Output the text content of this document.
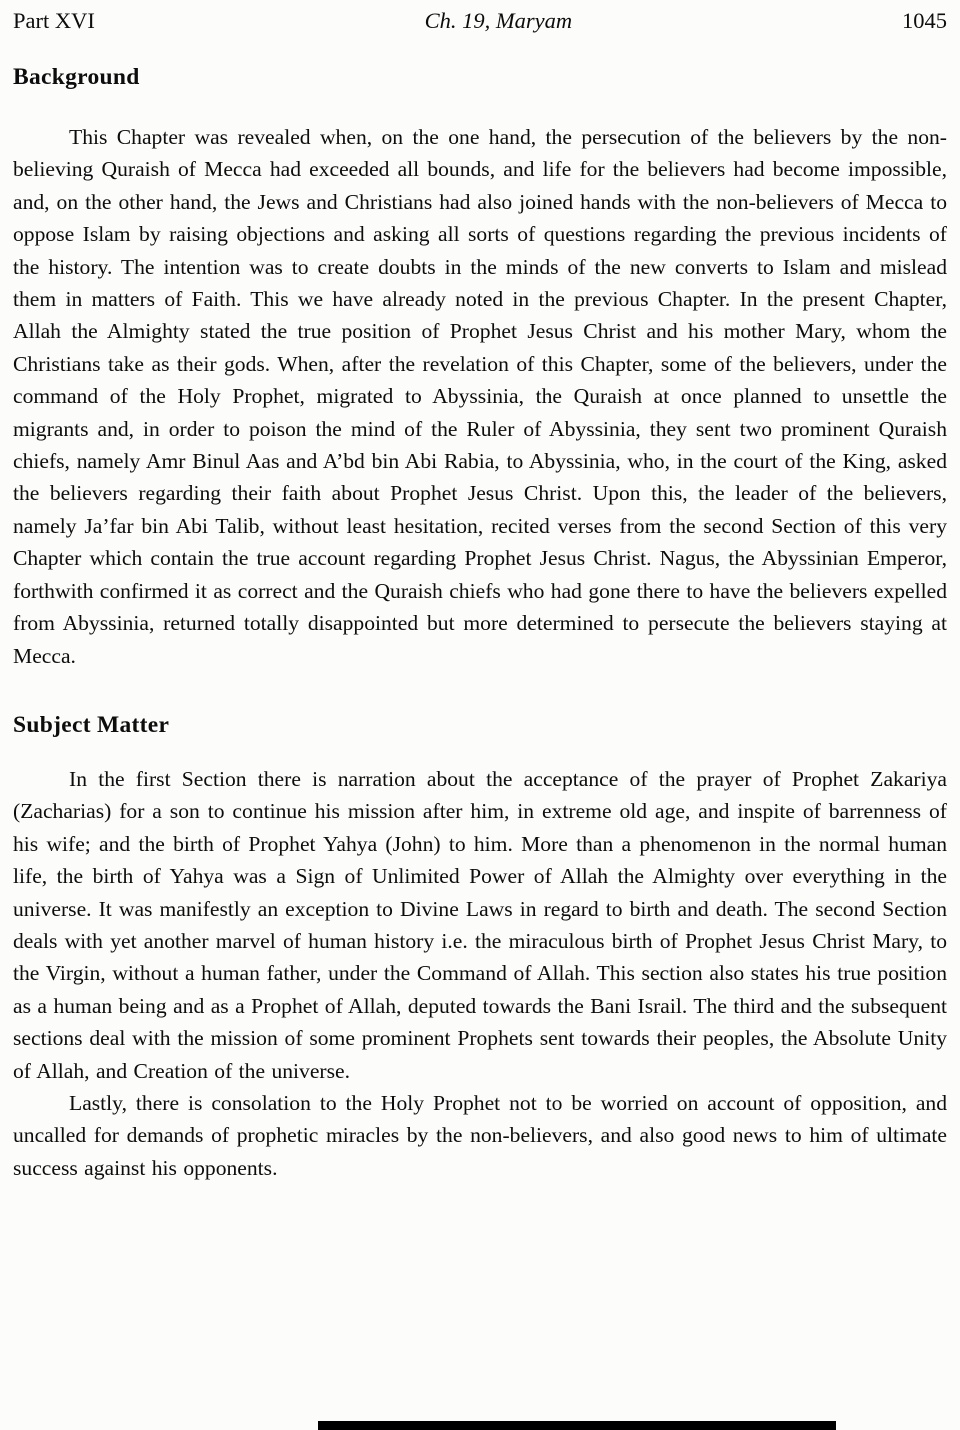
Part XVI	Ch. 19, Maryam	1045
Background

This Chapter was revealed when, on the one hand, the persecution of the believers by the non-believing Quraish of Mecca had exceeded all bounds, and life for the believers had become impossible, and, on the other hand, the Jews and Christians had also joined hands with the non-believers of Mecca to oppose Islam by raising objections and asking all sorts of questions regarding the previous incidents of the history. The intention was to create doubts in the minds of the new converts to Islam and mislead them in matters of Faith. This we have already noted in the previous Chapter. In the present Chapter, Allah the Almighty stated the true position of Prophet Jesus Christ and his mother Mary, whom the Christians take as their gods. When, after the revelation of this Chapter, some of the believers, under the command of the Holy Prophet, migrated to Abyssinia, the Quraish at once planned to unsettle the migrants and, in order to poison the mind of the Ruler of Abyssinia, they sent two prominent Quraish chiefs, namely Amr Binul Aas and A’bd bin Abi Rabia, to Abyssinia, who, in the court of the King, asked the believers regarding their faith about Prophet Jesus Christ. Upon this, the leader of the believers, namely Ja’far bin Abi Talib, without least hesitation, recited verses from the second Section of this very Chapter which contain the true account regarding Prophet Jesus Christ. Nagus, the Abyssinian Emperor, forthwith confirmed it as correct and the Quraish chiefs who had gone there to have the believers expelled from Abyssinia, returned totally disappointed but more determined to persecute the believers staying at Mecca.

Subject Matter

In the first Section there is narration about the acceptance of the prayer of Prophet Zakariya (Zacharias) for a son to continue his mission after him, in extreme old age, and inspite of barrenness of his wife; and the birth of Prophet Yahya (John) to him. More than a phenomenon in the normal human life, the birth of Yahya was a Sign of Unlimited Power of Allah the Almighty over everything in the universe. It was manifestly an exception to Divine Laws in regard to birth and death. The second Section deals with yet another marvel of human history i.e. the miraculous birth of Prophet Jesus Christ Mary, to the Virgin, without a human father, under the Command of Allah. This section also states his true position as a human being and as a Prophet of Allah, deputed towards the Bani Israil. The third and the subsequent sections deal with the mission of some prominent Prophets sent towards their peoples, the Absolute Unity of Allah, and Creation of the universe.

Lastly, there is consolation to the Holy Prophet not to be worried on account of opposition, and uncalled for demands of prophetic miracles by the non-believers, and also good news to him of ultimate success against his opponents.
